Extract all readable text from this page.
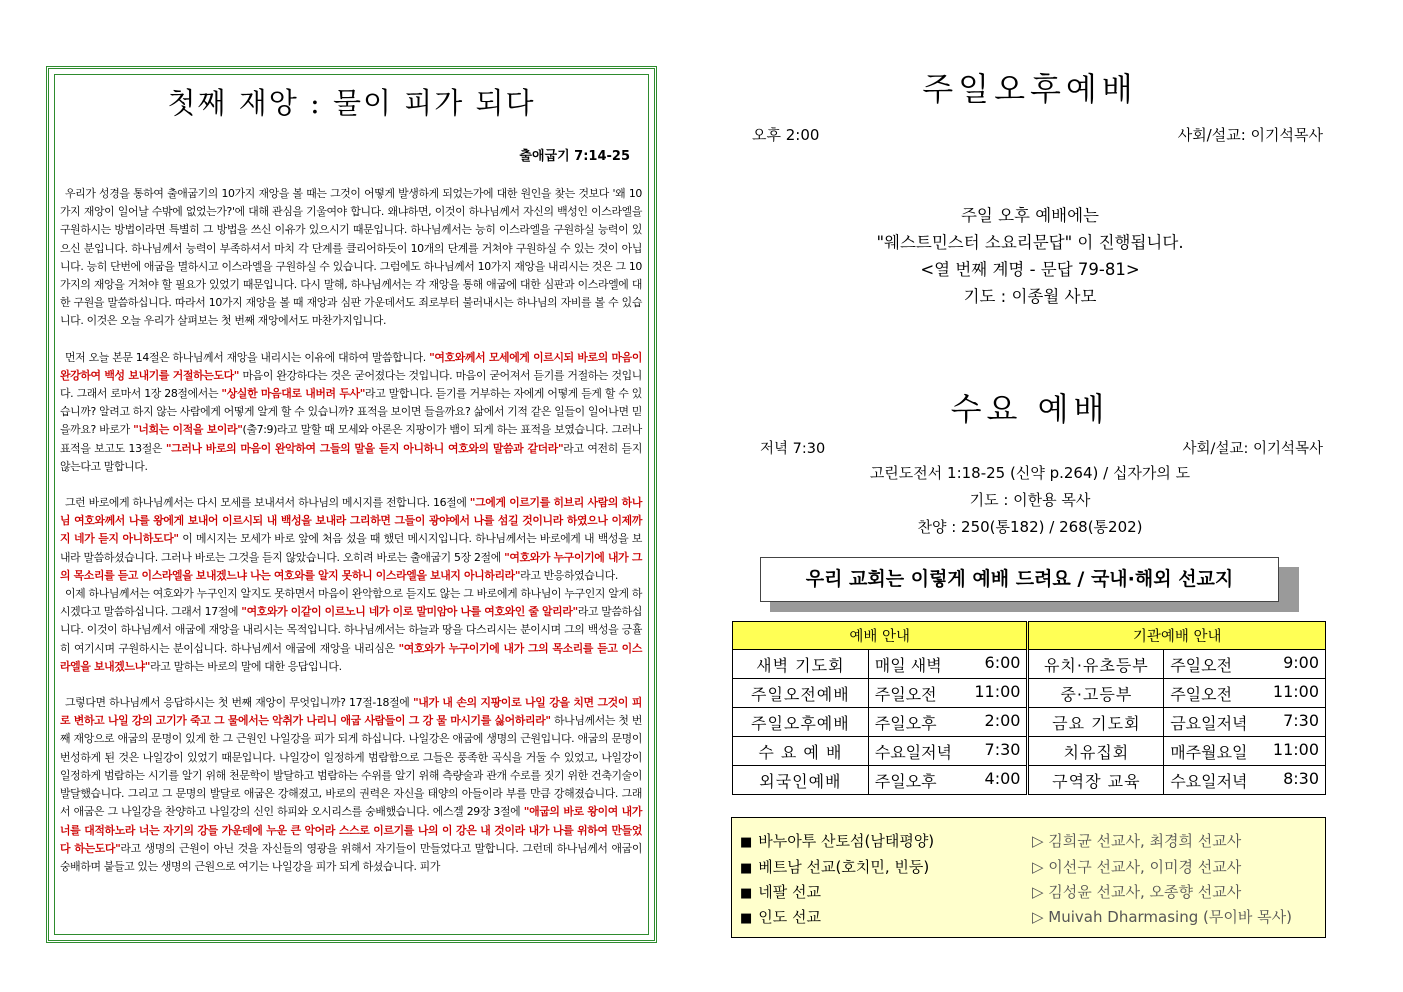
첫째 재앙 : 물이 피가 되다
출애굽기 7:14-25

우리가 성경을 통하여 출애굽기의 10가지 재앙을 볼 때는 그것이 어떻게 발생하게 되었는가에 대한 원인을 찾는 것보다 '왜 10가지 재앙이 일어날 수밖에 없었는가?'에 대해 관심을 기울여야 합니다. 왜냐하면, 이것이 하나님께서 자신의 백성인 이스라엘을 구원하시는 방법이라면 특별히 그 방법을 쓰신 이유가 있으시기 때문입니다. 하나님께서는 능히 이스라엘을 구원하실 능력이 있으신 분입니다. 하나님께서 능력이 부족하셔서 마치 각 단계를 클리어하듯이 10개의 단계를 거쳐야 구원하실 수 있는 것이 아닙니다. 능히 단번에 애굽을 멸하시고 이스라엘을 구원하실 수 있습니다. 그럼에도 하나님께서 10가지 재앙을 내리시는 것은 그 10가지의 재앙을 거쳐야 할 필요가 있었기 때문입니다. 다시 말해, 하나님께서는 각 재앙을 통해 애굽에 대한 심판과 이스라엘에 대한 구원을 말씀하십니다. 따라서 10가지 재앙을 볼 때 재앙과 심판 가운데서도 죄로부터 불러내시는 하나님의 자비를 볼 수 있습니다. 이것은 오늘 우리가 살펴보는 첫 번째 재앙에서도 마찬가지입니다.

먼저 오늘 본문 14절은 하나님께서 재앙을 내리시는 이유에 대하여 말씀합니다. "여호와께서 모세에게 이르시되 바로의 마음이 완강하여 백성 보내기를 거절하는도다" 마음이 완강하다는 것은 굳어졌다는 것입니다. 마음이 굳어져서 듣기를 거절하는 것입니다. 그래서 로마서 1장 28절에서는 "상실한 마음대로 내버려 두사"라고 말합니다. 듣기를 거부하는 자에게 어떻게 듣게 할 수 있습니까? 알려고 하지 않는 사람에게 어떻게 알게 할 수 있습니까? 표적을 보이면 들을까요? 삶에서 기적 같은 일들이 일어나면 믿을까요? 바로가 "너희는 이적을 보이라"(출7:9)라고 말할 때 모세와 아론은 지팡이가 뱀이 되게 하는 표적을 보였습니다. 그러나 표적을 보고도 13절은 "그러나 바로의 마음이 완악하여 그들의 말을 듣지 아니하니 여호와의 말씀과 같더라"라고 여전히 듣지 않는다고 말합니다.

그런 바로에게 하나님께서는 다시 모세를 보내셔서 하나님의 메시지를 전합니다. 16절에 "그에게 이르기를 히브리 사람의 하나님 여호와께서 나를 왕에게 보내어 이르시되 내 백성을 보내라 그리하면 그들이 광야에서 나를 섬길 것이니라 하였으나 이제까지 네가 듣지 아니하도다" 이 메시지는 모세가 바로 앞에 처음 섰을 때 했던 메시지입니다. 하나님께서는 바로에게 내 백성을 보내라 말씀하셨습니다. 그러나 바로는 그것을 듣지 않았습니다. 오히려 바로는 출애굽기 5장 2절에 "여호와가 누구이기에 내가 그의 목소리를 듣고 이스라엘을 보내겠느냐 나는 여호와를 알지 못하니 이스라엘을 보내지 아니하리라"라고 반응하였습니다.

이제 하나님께서는 여호와가 누구인지 알지도 못하면서 마음이 완악함으로 듣지도 않는 그 바로에게 하나님이 누구인지 알게 하시겠다고 말씀하십니다. 그래서 17절에 "여호와가 이같이 이르노니 네가 이로 말미암아 나를 여호와인 줄 알리라"라고 말씀하십니다. 이것이 하나님께서 애굽에 재앙을 내리시는 목적입니다. 하나님께서는 하늘과 땅을 다스리시는 분이시며 그의 백성을 긍휼히 여기시며 구원하시는 분이십니다. 하나님께서 애굽에 재앙을 내리심은 "여호와가 누구이기에 내가 그의 목소리를 듣고 이스라엘을 보내겠느냐"라고 말하는 바로의 말에 대한 응답입니다.

그렇다면 하나님께서 응답하시는 첫 번째 재앙이 무엇입니까? 17절-18절에 "내가 내 손의 지팡이로 나일 강을 치면 그것이 피로 변하고 나일 강의 고기가 죽고 그 물에서는 악취가 나리니 애굽 사람들이 그 강 물 마시기를 싫어하리라" 하나님께서는 첫 번째 재앙으로 애굽의 문명이 있게 한 그 근원인 나일강을 피가 되게 하십니다. 나일강은 애굽에 생명의 근원입니다. 애굽의 문명이 번성하게 된 것은 나일강이 있었기 때문입니다. 나일강이 일정하게 범람함으로 그들은 풍족한 곡식을 거둘 수 있었고, 나일강이 일정하게 범람하는 시기를 알기 위해 천문학이 발달하고 범람하는 수위를 알기 위해 측량술과 관개 수로를 짓기 위한 건축기술이 발달했습니다. 그리고 그 문명의 발달로 애굽은 강해졌고, 바로의 권력은 자신을 태양의 아들이라 부를 만큼 강해졌습니다. 그래서 애굽은 그 나일강을 찬양하고 나일강의 신인 하피와 오시리스를 숭배했습니다. 에스겔 29장 3절에 "애굽의 바로 왕이여 내가 너를 대적하노라 너는 자기의 강들 가운데에 누운 큰 악어라 스스로 이르기를 나의 이 강은 내 것이라 내가 나를 위하여 만들었다 하는도다"라고 생명의 근원이 아닌 것을 자신들의 영광을 위해서 자기들이 만들었다고 말합니다. 그런데 하나님께서 애굽이 숭배하며 붙들고 있는 생명의 근원으로 여기는 나일강을 피가 되게 하셨습니다. 피가

주일오후예배
오후 2:00	사회/설교: 이기석목사
주일 오후 예배에는
"웨스트민스터 소요리문답" 이 진행됩니다.
<열 번째 계명 - 문답 79-81>
기도 : 이종월 사모
수요 예배
저녁 7:30	사회/설교: 이기석목사
고린도전서 1:18-25 (신약 p.264) / 십자가의 도
기도 : 이한용 목사
찬양 : 250(통182) / 268(통202)
우리 교회는 이렇게 예배 드려요 / 국내·해외 선교지
예배 안내		기관예배 안내	
새벽 기도회	매일 새벽 6:00	유치·유초등부	주일오전 9:00

주일오전예배	주일오전 11:00	중·고등부	주일오전 11:00

주일오후예배	주일오후 2:00	금요 기도회	금요일저녁 7:30

수 요 예 배	수요일저녁 7:30	치유집회	매주월요일 11:00

외국인예배	주일오후 4:00	구역장 교육	수요일저녁 8:30
■ 바누아투 산토섬(남태평양)	▷ 김희균 선교사, 최경희 선교사
■ 베트남 선교(호치민, 빈둥)	▷ 이선구 선교사, 이미경 선교사
■ 네팔 선교	▷ 김성윤 선교사, 오종향 선교사
■ 인도 선교	▷ Muivah Dharmasing (무이바 목사)
